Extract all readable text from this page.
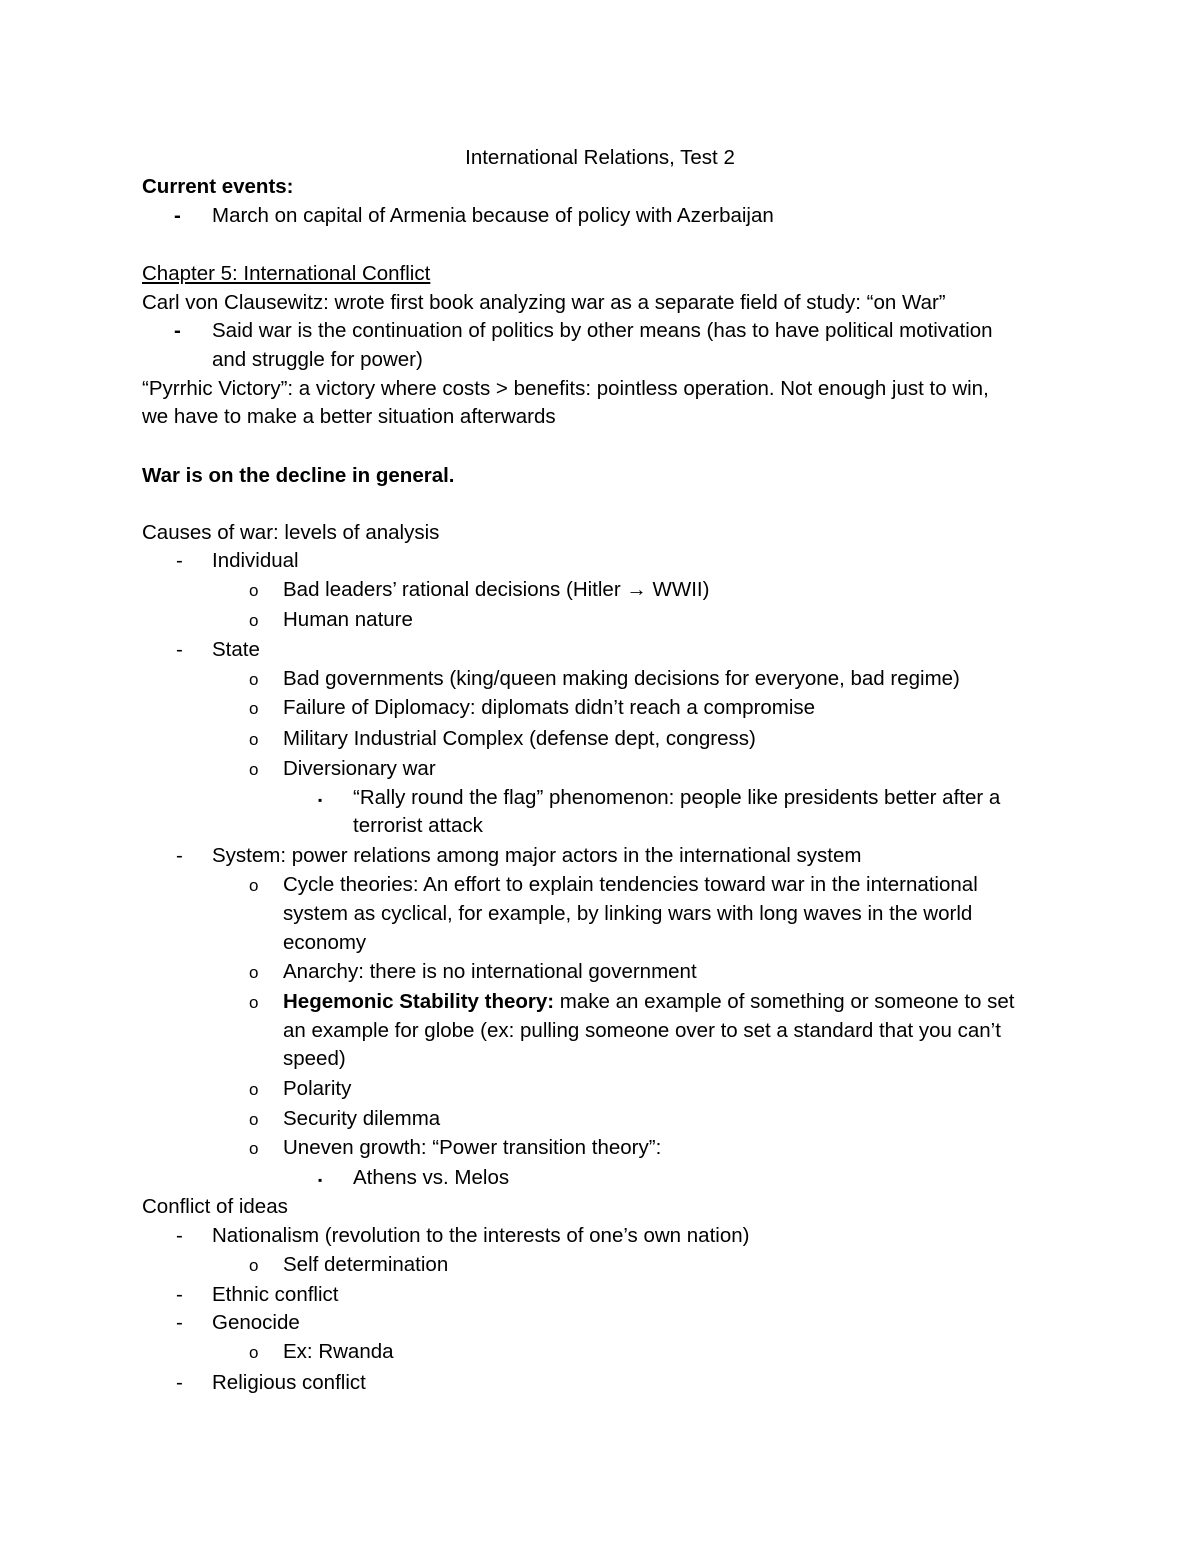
International Relations, Test 2
Current events:
- March on capital of Armenia because of policy with Azerbaijan
Chapter 5: International Conflict
Carl von Clausewitz: wrote first book analyzing war as a separate field of study: “on War”
- Said war is the continuation of politics by other means (has to have political motivation
and struggle for power)
“Pyrrhic Victory”: a victory where costs > benefits: pointless operation. Not enough just to win,
we have to make a better situation afterwards
War is on the decline in general.
Causes of war: levels of analysis
- Individual
o Bad leaders’ rational decisions (Hitler → WWII)
o Human nature
- State
o Bad governments (king/queen making decisions for everyone, bad regime)
o Failure of Diplomacy: diplomats didn’t reach a compromise
o Military Industrial Complex (defense dept, congress)
o Diversionary war
▪ “Rally round the flag” phenomenon: people like presidents better after a
terrorist attack
- System: power relations among major actors in the international system
o Cycle theories: An effort to explain tendencies toward war in the international
system as cyclical, for example, by linking wars with long waves in the world
economy
o Anarchy: there is no international government
o Hegemonic Stability theory: make an example of something or someone to set
an example for globe (ex: pulling someone over to set a standard that you can’t
speed)
o Polarity
o Security dilemma
o Uneven growth: “Power transition theory”:
▪ Athens vs. Melos
Conflict of ideas
- Nationalism (revolution to the interests of one’s own nation)
o Self determination
- Ethnic conflict
- Genocide
o Ex: Rwanda
- Religious conflict
